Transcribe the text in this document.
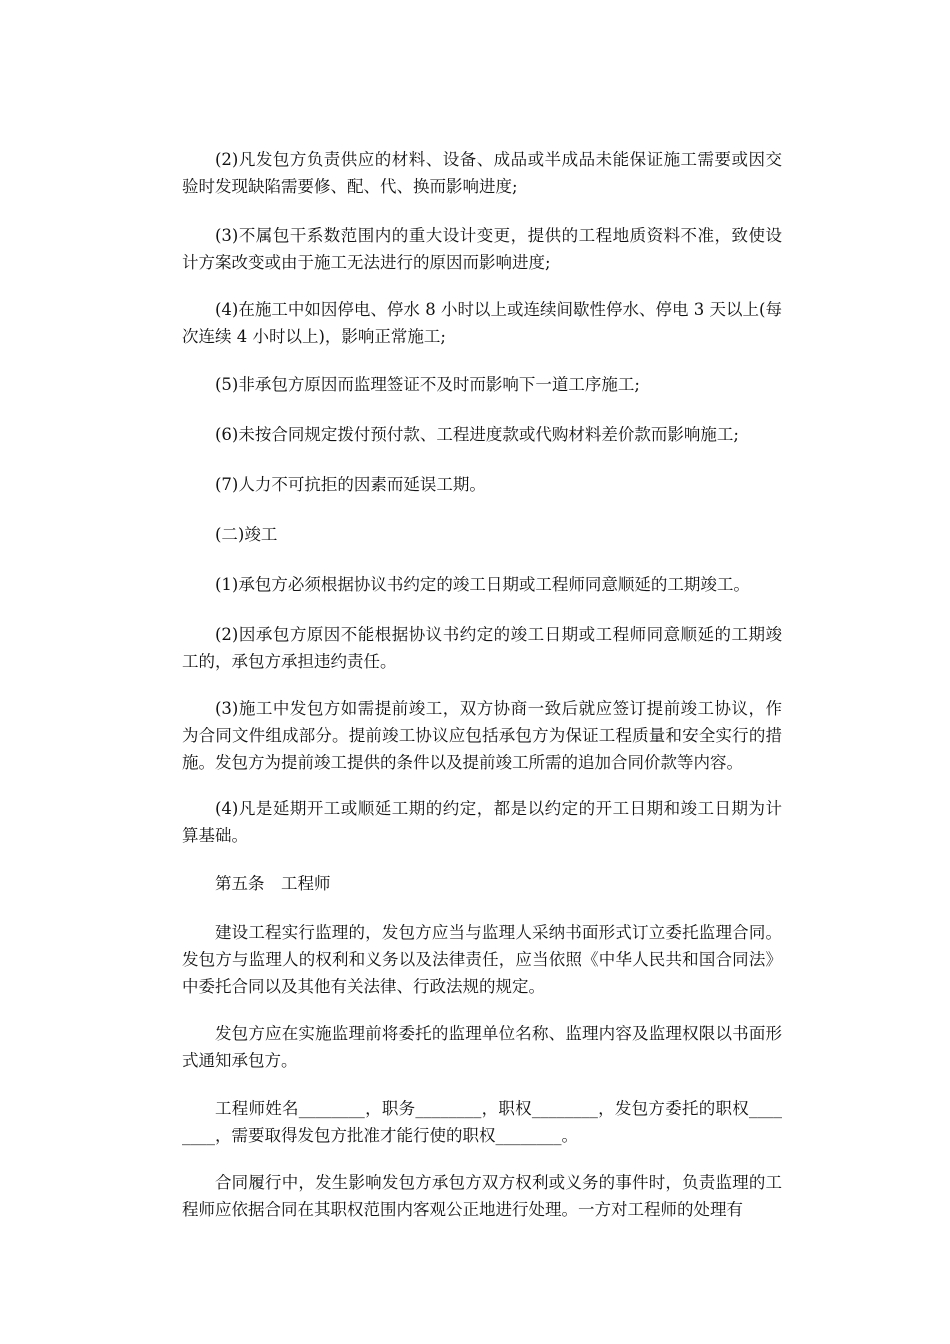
(2)凡发包方负责供应的材料、设备、成品或半成品未能保证施工需要或因交验时发现缺陷需要修、配、代、换而影响进度;

(3)不属包干系数范围内的重大设计变更，提供的工程地质资料不准，致使设计方案改变或由于施工无法进行的原因而影响进度;

(4)在施工中如因停电、停水 8 小时以上或连续间歇性停水、停电 3 天以上(每次连续 4 小时以上)，影响正常施工;

(5)非承包方原因而监理签证不及时而影响下一道工序施工;

(6)未按合同规定拨付预付款、工程进度款或代购材料差价款而影响施工;

(7)人力不可抗拒的因素而延误工期。

(二)竣工

(1)承包方必须根据协议书约定的竣工日期或工程师同意顺延的工期竣工。

(2)因承包方原因不能根据协议书约定的竣工日期或工程师同意顺延的工期竣工的，承包方承担违约责任。

(3)施工中发包方如需提前竣工，双方协商一致后就应签订提前竣工协议，作为合同文件组成部分。提前竣工协议应包括承包方为保证工程质量和安全实行的措施。发包方为提前竣工提供的条件以及提前竣工所需的追加合同价款等内容。

(4)凡是延期开工或顺延工期的约定，都是以约定的开工日期和竣工日期为计算基础。

第五条　工程师

建设工程实行监理的，发包方应当与监理人采纳书面形式订立委托监理合同。发包方与监理人的权利和义务以及法律责任，应当依照《中华人民共和国合同法》中委托合同以及其他有关法律、行政法规的规定。

发包方应在实施监理前将委托的监理单位名称、监理内容及监理权限以书面形式通知承包方。

工程师姓名________，职务________，职权________，发包方委托的职权________，需要取得发包方批准才能行使的职权________。

合同履行中，发生影响发包方承包方双方权利或义务的事件时，负责监理的工程师应依据合同在其职权范围内客观公正地进行处理。一方对工程师的处理有
